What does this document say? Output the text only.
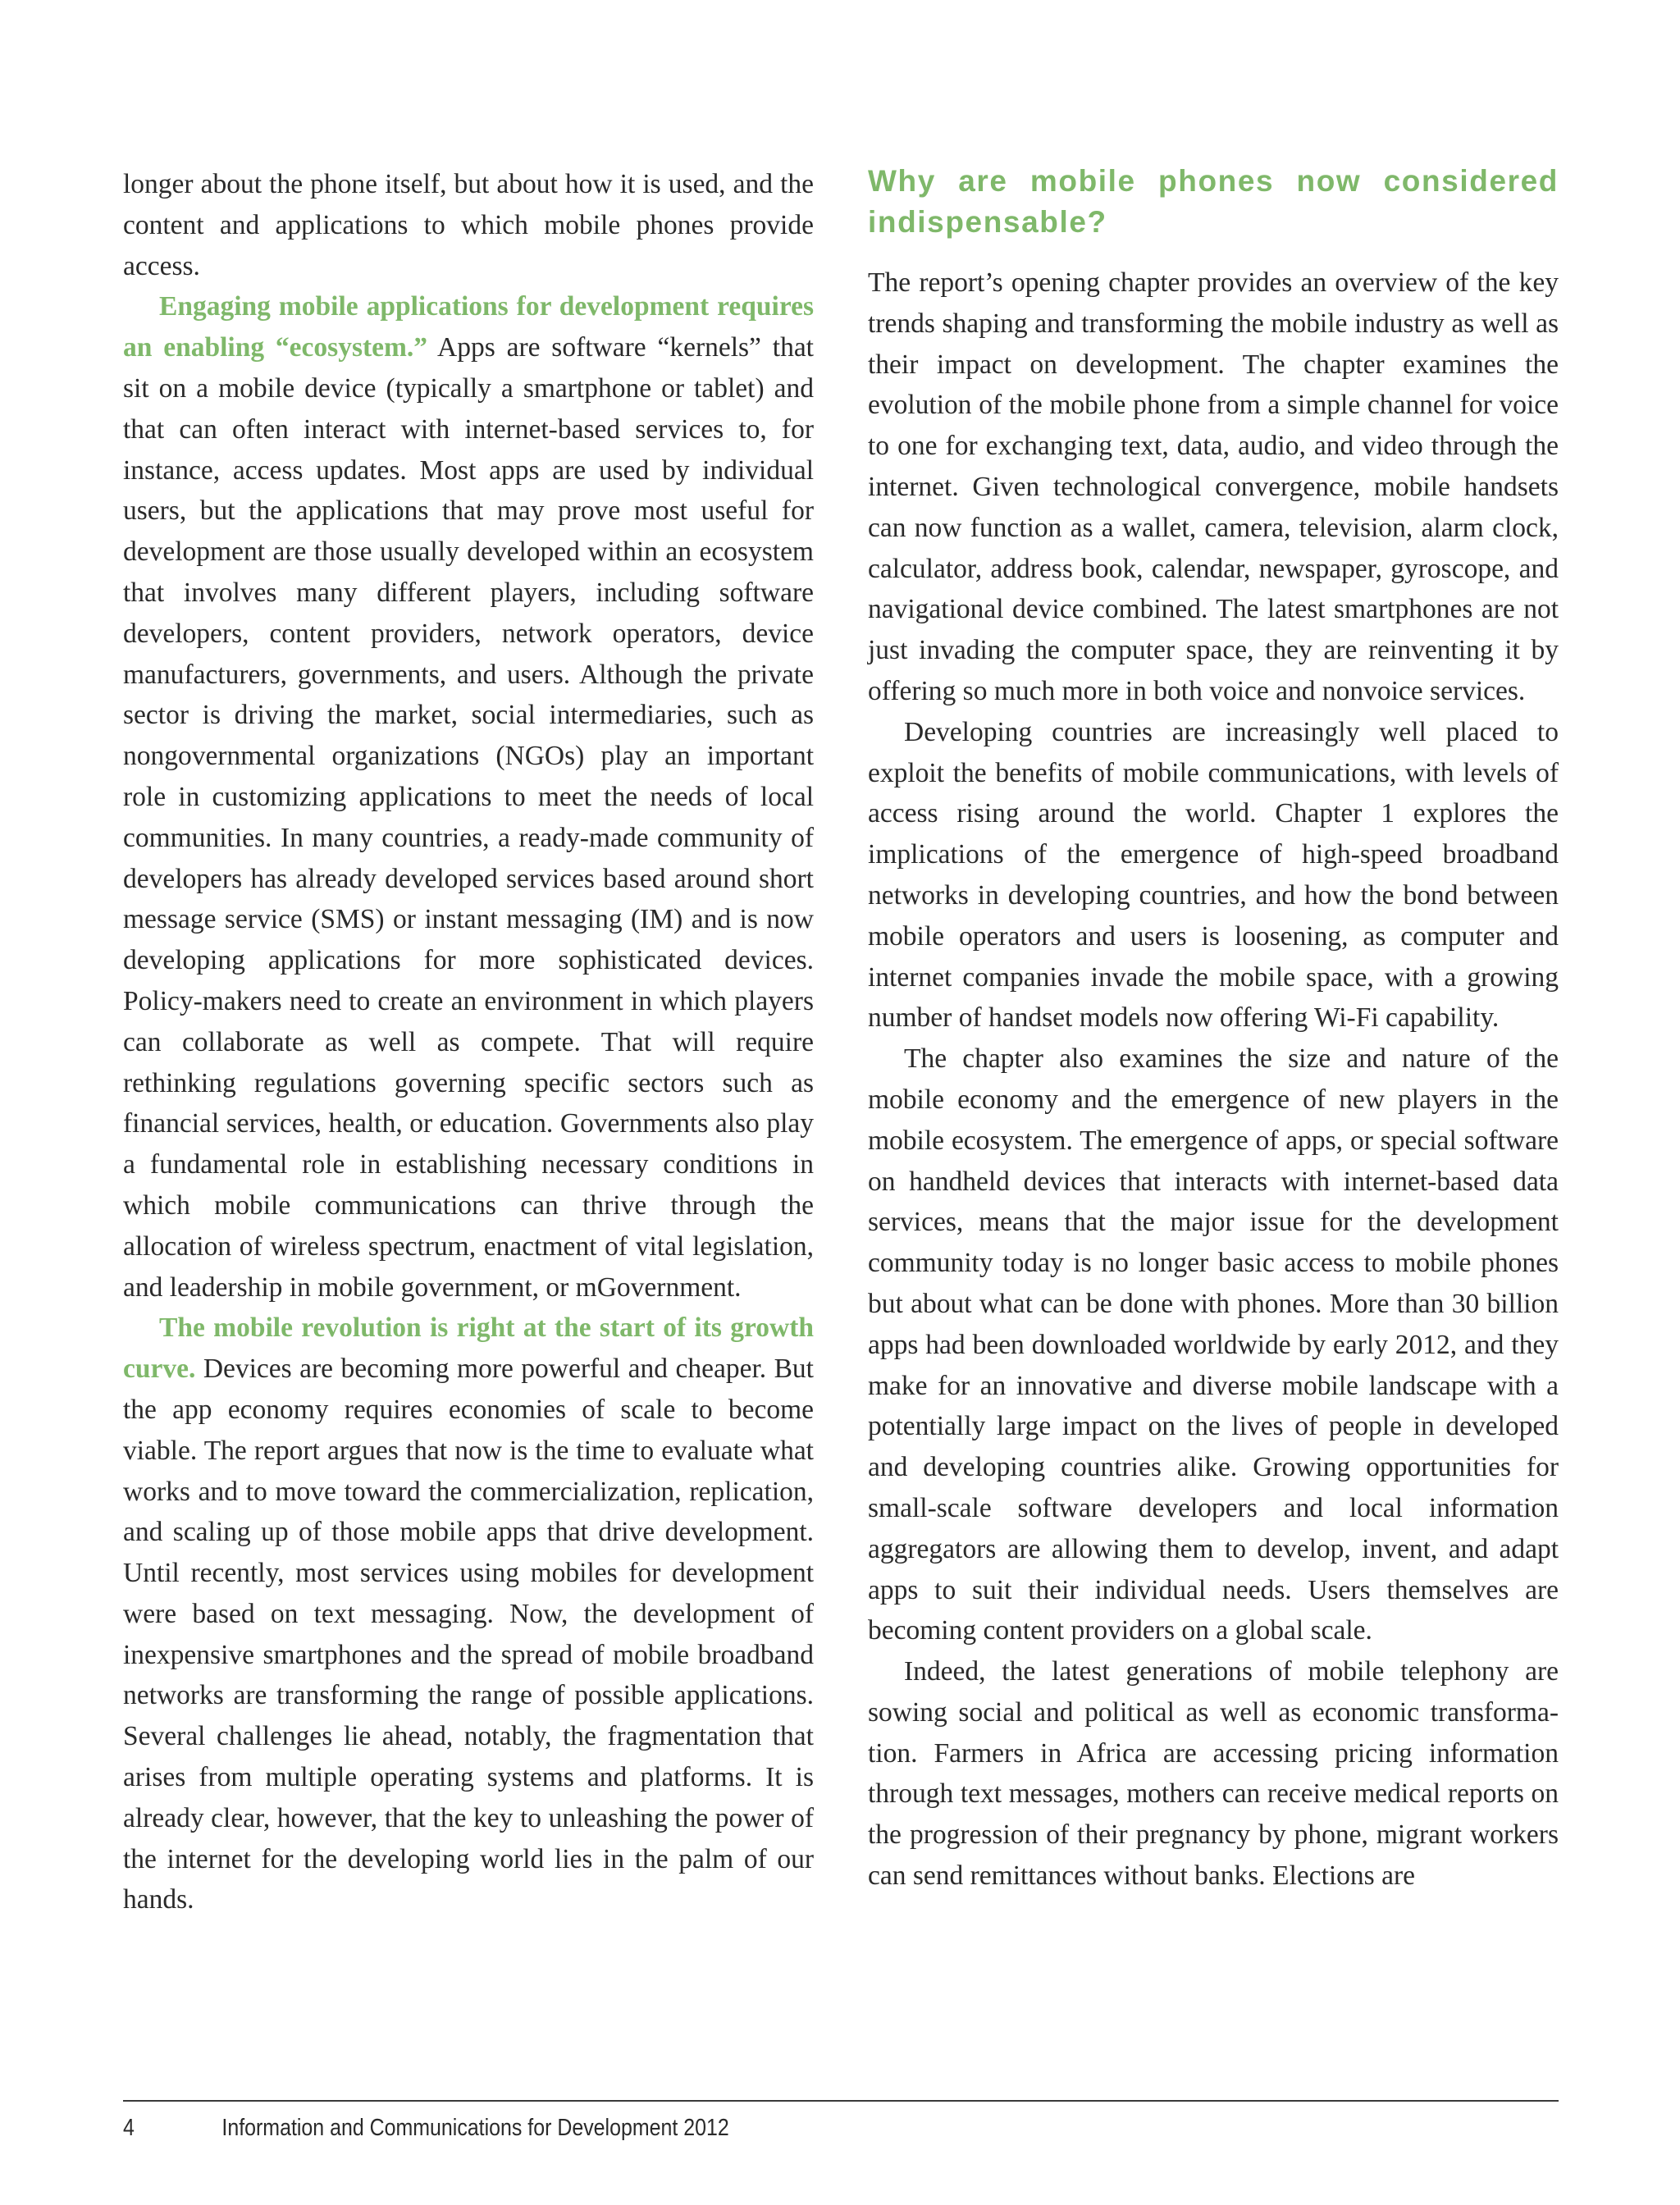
longer about the phone itself, but about how it is used, and the content and applications to which mobile phones provide access.

Engaging mobile applications for development requires an enabling “ecosystem.” Apps are software “kernels” that sit on a mobile device (typically a smartphone or tablet) and that can often interact with internet-based services to, for instance, access updates. Most apps are used by individual users, but the applications that may prove most useful for development are those usually developed within an ecosystem that involves many different players, including software developers, content providers, network operators, device manufacturers, governments, and users. Although the private sector is driving the market, social intermediaries, such as nongovernmental organizations (NGOs) play an important role in customizing applications to meet the needs of local communities. In many countries, a ready-made community of developers has already developed services based around short message service (SMS) or instant messaging (IM) and is now developing applications for more sophisticated devices. Policy-makers need to create an environment in which players can collaborate as well as compete. That will require rethinking regulations governing specific sectors such as financial services, health, or education. Governments also play a fundamental role in establishing necessary conditions in which mobile communications can thrive through the allocation of wireless spectrum, enactment of vital legislation, and leadership in mobile government, or mGovernment.

The mobile revolution is right at the start of its growth curve. Devices are becoming more powerful and cheaper. But the app economy requires economies of scale to become viable. The report argues that now is the time to evaluate what works and to move toward the commercialization, replication, and scaling up of those mobile apps that drive development. Until recently, most services using mobiles for development were based on text messaging. Now, the development of inexpensive smartphones and the spread of mobile broadband networks are transforming the range of possible applications. Several challenges lie ahead, notably, the fragmentation that arises from multiple operating systems and platforms. It is already clear, however, that the key to unleashing the power of the internet for the developing world lies in the palm of our hands.

Why are mobile phones now considered indispensable?

The report’s opening chapter provides an overview of the key trends shaping and transforming the mobile industry as well as their impact on development. The chapter examines the evolution of the mobile phone from a simple channel for voice to one for exchanging text, data, audio, and video through the internet. Given technological convergence, mobile handsets can now function as a wallet, camera, television, alarm clock, calculator, address book, calendar, newspaper, gyroscope, and navigational device combined. The latest smartphones are not just invading the computer space, they are reinventing it by offering so much more in both voice and nonvoice services.

Developing countries are increasingly well placed to exploit the benefits of mobile communications, with levels of access rising around the world. Chapter 1 explores the implications of the emergence of high-speed broadband networks in developing countries, and how the bond between mobile operators and users is loosening, as computer and internet companies invade the mobile space, with a growing number of handset models now offering Wi-Fi capability.

The chapter also examines the size and nature of the mobile economy and the emergence of new players in the mobile ecosystem. The emergence of apps, or special software on handheld devices that interacts with internet-based data services, means that the major issue for the development community today is no longer basic access to mobile phones but about what can be done with phones. More than 30 billion apps had been downloaded worldwide by early 2012, and they make for an innovative and diverse mobile landscape with a potentially large impact on the lives of people in developed and developing countries alike. Growing opportunities for small-scale software developers and local information aggregators are allowing them to develop, invent, and adapt apps to suit their individual needs. Users themselves are becoming content providers on a global scale.

Indeed, the latest generations of mobile telephony are sowing social and political as well as economic transformation. Farmers in Africa are accessing pricing information through text messages, mothers can receive medical reports on the progression of their pregnancy by phone, migrant workers can send remittances without banks. Elections are

4	Information and Communications for Development 2012
